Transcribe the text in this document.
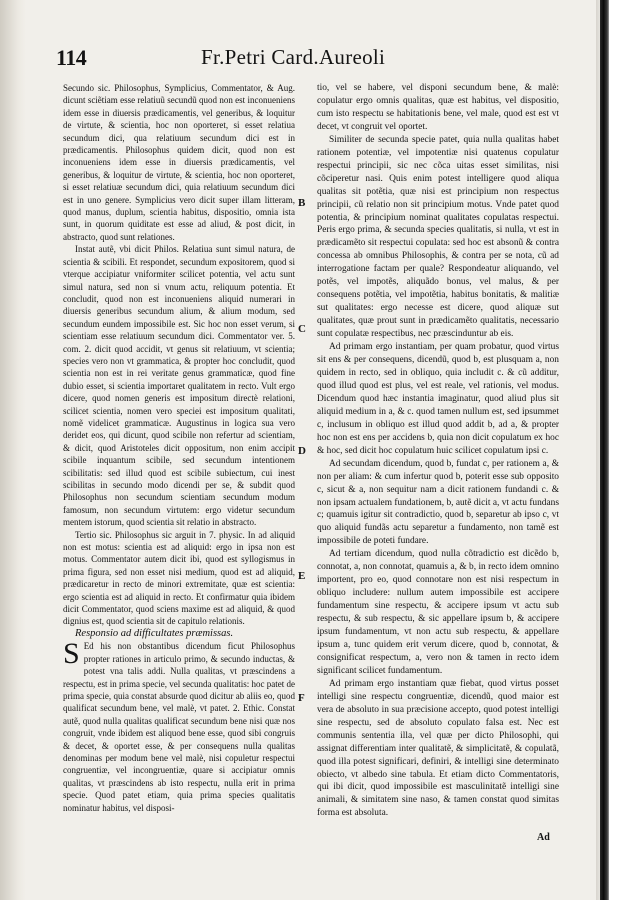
114	Fr.Petri Card.Aureoli

Secundo sic. Philosophus, Symplicius, Commentator, & Aug. dicunt sciẽtiam esse relatiuũ secundũ quod non est inconueniens idem esse in diuersis prædicamentis, vel generibus, & loquitur de virtute, & scientia, hoc non oporteret, si esset relatiua secundum dici, qua relatiuum secundum dici est in prædicamentis. Philosophus quidem dicit, quod non est inconueniens idem esse in diuersis prædicamentis, vel generibus, & loquitur de virtute, & scientia, hoc non oporteret, si esset relatiuæ secundum dici, quia relatiuum secundum dici est in uno genere. Symplicius vero dicit super illam litteram, quod manus, duplum, scientia habitus, dispositio, omnia ista sunt, in quorum quiditate est esse ad aliud, & post dicit, in abstracto, quod sunt relationes.

Instat autẽ, vbi dicit Philos. Relatiua sunt simul natura, de scientia & scibili. Et respondet, secundum expositorem, quod si vterque accipiatur vniformiter scilicet potentia, vel actu sunt simul natura, sed non si vnum actu, reliquum potentia. Et concludit, quod non est inconueniens aliquid numerari in diuersis generibus secundum alium, & alium modum, sed secundum eundem impossibile est. Sic hoc non esset verum, si scientiam esse relatiuum secundum dici. Commentator ver. 5. com. 2. dicit quod accidit, vt genus sit relatiuum, vt scientia; species vero non vt grammatica, & propter hoc concludit, quod scientia non est in rei veritate genus grammaticæ, quod fine dubio esset, si scientia importaret qualitatem in recto. Vult ergo dicere, quod nomen generis est impositum directè relationi, scilicet scientia, nomen vero speciei est impositum qualitati, nomẽ videlicet grammaticæ. Augustinus in logica sua vero deridet eos, qui dicunt, quod scibile non refertur ad scientiam, & dicit, quod Aristoteles dicit oppositum, non enim accipit scibile inquantum scibile, sed secundum intentionem scibilitatis: sed illud quod est scibile subiectum, cui inest scibilitas in secundo modo dicendi per se, & subdit quod Philosophus non secundum scientiam secundum modum famosum, non secundum virtutem: ergo videtur secundum mentem istorum, quod scientia sit relatio in abstracto.

Tertio sic. Philosophus sic arguit in 7. physic. In ad aliquid non est motus: scientia est ad aliquid: ergo in ipsa non est motus. Commentator autem dicit ibi, quod est syllogismus in prima figura, sed non esset nisi medium, quod est ad aliquid, prædicaretur in recto de minori extremitate, quæ est scientia: ergo scientia est ad aliquid in recto. Et confirmatur quia ibidem dicit Commentator, quod sciens maxime est ad aliquid, & quod dignius est, quod scientia sit de capitulo relationis.

Responsio ad difficultates præmissas.

S Ed his non obstantibus dicendum ficut Philosophus propter rationes in articulo primo, & secundo inductas, & potest vna talis addi. Nulla qualitas, vt præscindens a respectu, est in prima specie, vel secunda qualitatis: hoc patet de prima specie, quia constat absurde quod dicitur ab aliis eo, quod qualificat secundum bene, vel malè, vt patet. 2. Ethic. Constat autẽ, quod nulla qualitas qualificat secundum bene nisi quæ nos congruit, vnde ibidem est aliquod bene esse, quod sibi congruis & decet, & oportet esse, & per consequens nulla qualitas denominas per modum bene vel malè, nisi copuletur respectui congruentiæ, vel incongruentiæ, quare si accipiatur omnis qualitas, vt præscindens ab isto respectu, nulla erit in prima specie. Quod patet etiam, quia prima species qualitatis nominatur habitus, vel disposi-

tio, vel se habere, vel disponi secundum bene, & malè: copulatur ergo omnis qualitas, quæ est habitus, vel dispositio, cum isto respectu se habitationis bene, vel male, quod est est vt decet, vt congruit vel oportet.

Similiter de secunda specie patet, quia nulla qualitas habet rationem potentiæ, vel impotentiæ nisi quatenus copulatur respectui principii, sic nec cõca uitas esset similitas, nisi cõciperetur nasi. Quis enim potest intelligere quod aliqua qualitas sit potẽtia, quæ nisi est principium non respectus principii, cũ relatio non sit principium motus. Vnde patet quod potentia, & principium nominat qualitates copulatas respectui. Peris ergo prima, & secunda species qualitatis, si nulla, vt est in prædicamẽto sit respectui copulata: sed hoc est absonũ & contra concessa ab omnibus Philosophis, & contra per se nota, cũ ad interrogatione factam per quale? Respondeatur aliquando, vel potẽs, vel impotẽs, aliquãdo bonus, vel malus, & per consequens potẽtia, vel impotẽtia, habitus bonitatis, & malitiæ sut qualitates: ergo necesse est dicere, quod aliquæ sut qualitates, quæ prout sunt in prædicamẽto qualitatis, necessario sunt copulatæ respectibus, nec præscinduntur ab eis.

Ad primam ergo instantiam, per quam probatur, quod virtus sit ens & per consequens, dicendũ, quod b, est plusquam a, non quidem in recto, sed in obliquo, quia includit c. & cũ additur, quod illud quod est plus, vel est reale, vel rationis, vel modus. Dicendum quod hæc instantia imaginatur, quod aliud plus sit aliquid medium in a, & c. quod tamen nullum est, sed ipsummet c, inclusum in obliquo est illud quod addit b, ad a, & propter hoc non est ens per accidens b, quia non dicit copulatum ex hoc & hoc, sed dicit hoc copulatum huic scilicet copulatum ipsi c.

Ad secundam dicendum, quod b, fundat c, per rationem a, & non per aliam: & cum infertur quod b, poterit esse sub opposito c, sicut & a, non sequitur nam a dicit rationem fundandi c. & non ipsam actualem fundationem, b, autẽ dicit a, vt actu fundans c; quamuis igitur sit contradictio, quod b, separetur ab ipso c, vt quo aliquid fundãs actu separetur a fundamento, non tamẽ est impossibile de poteti fundare.

Ad tertiam dicendum, quod nulla cõtradictio est dicẽdo b, connotat, a, non connotat, quamuis a, & b, in recto idem omnino importent, pro eo, quod connotare non est nisi respectum in obliquo includere: nullum autem impossibile est accipere fundamentum sine respectu, & accipere ipsum vt actu sub respectu, & sub respectu, & sic appellare ipsum b, & accipere ipsum fundamentum, vt non actu sub respectu, & appellare ipsum a, tunc quidem erit verum dicere, quod b, connotat, & consignificat respectum, a, vero non & tamen in recto idem significant scilicet fundamentum.

Ad primam ergo instantiam quæ fiebat, quod virtus posset intelligi sine respectu congruentiæ, dicendũ, quod maior est vera de absoluto in sua præcisione accepto, quod potest intelligi sine respectu, sed de absoluto copulato falsa est. Nec est communis sententia illa, vel quæ per dicto Philosophi, qui assignat differentiam inter qualitatẽ, & simplicitatẽ, & copulatã, quod illa potest significari, definiri, & intelligi sine determinato obiecto, vt albedo sine tabula. Et etiam dicto Commentatoris, qui ibi dicit, quod impossibile est masculinitatẽ intelligi sine animali, & simitatem sine naso, & tamen constat quod simitas forma est absoluta.

B
C
D
E
F
Ad
